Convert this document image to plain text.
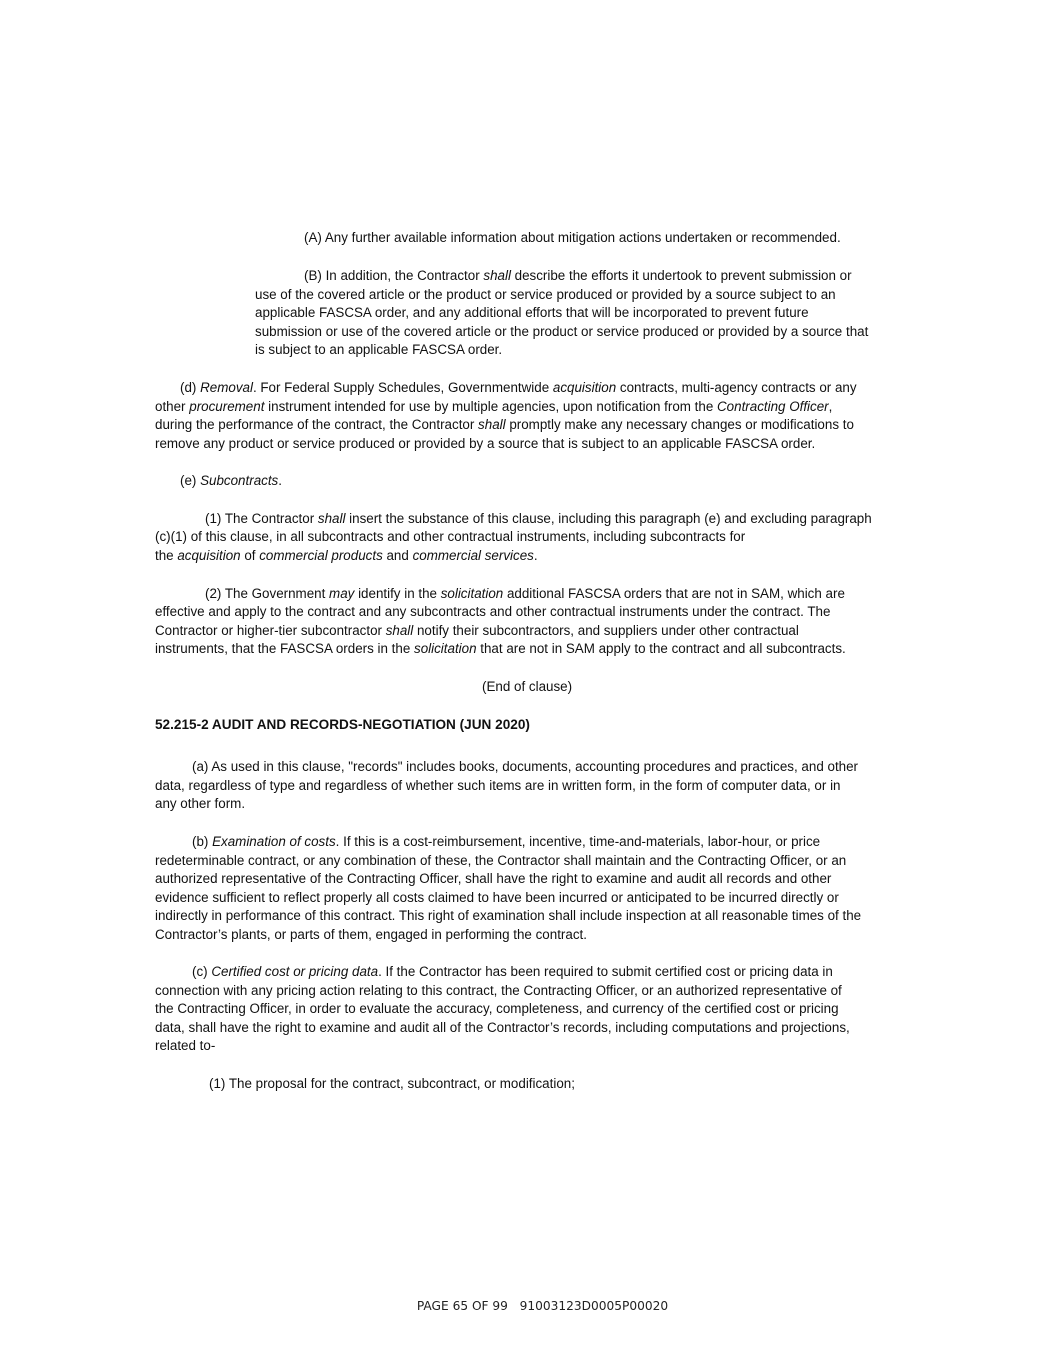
(A) Any further available information about mitigation actions undertaken or recommended.
(B) In addition, the Contractor shall describe the efforts it undertook to prevent submission or
use of the covered article or the product or service produced or provided by a source subject to an
applicable FASCSA order, and any additional efforts that will be incorporated to prevent future
submission or use of the covered article or the product or service produced or provided by a source that
is subject to an applicable FASCSA order.
(d) Removal. For Federal Supply Schedules, Governmentwide acquisition contracts, multi-agency contracts or any
other procurement instrument intended for use by multiple agencies, upon notification from the Contracting Officer,
during the performance of the contract, the Contractor shall promptly make any necessary changes or modifications to
remove any product or service produced or provided by a source that is subject to an applicable FASCSA order.
(e) Subcontracts.
(1) The Contractor shall insert the substance of this clause, including this paragraph (e) and excluding paragraph
(c)(1) of this clause, in all subcontracts and other contractual instruments, including subcontracts for
the acquisition of commercial products and commercial services.
(2) The Government may identify in the solicitation additional FASCSA orders that are not in SAM, which are
effective and apply to the contract and any subcontracts and other contractual instruments under the contract. The
Contractor or higher-tier subcontractor shall notify their subcontractors, and suppliers under other contractual
instruments, that the FASCSA orders in the solicitation that are not in SAM apply to the contract and all subcontracts.
(End of clause)
52.215-2 AUDIT AND RECORDS-NEGOTIATION (JUN 2020)
(a) As used in this clause, "records" includes books, documents, accounting procedures and practices, and other
data, regardless of type and regardless of whether such items are in written form, in the form of computer data, or in
any other form.
(b) Examination of costs. If this is a cost-reimbursement, incentive, time-and-materials, labor-hour, or price
redeterminable contract, or any combination of these, the Contractor shall maintain and the Contracting Officer, or an
authorized representative of the Contracting Officer, shall have the right to examine and audit all records and other
evidence sufficient to reflect properly all costs claimed to have been incurred or anticipated to be incurred directly or
indirectly in performance of this contract. This right of examination shall include inspection at all reasonable times of the
Contractor’s plants, or parts of them, engaged in performing the contract.
(c) Certified cost or pricing data. If the Contractor has been required to submit certified cost or pricing data in
connection with any pricing action relating to this contract, the Contracting Officer, or an authorized representative of
the Contracting Officer, in order to evaluate the accuracy, completeness, and currency of the certified cost or pricing
data, shall have the right to examine and audit all of the Contractor’s records, including computations and projections,
related to-
(1) The proposal for the contract, subcontract, or modification;
PAGE 65 OF 99 91003123D0005P00020
